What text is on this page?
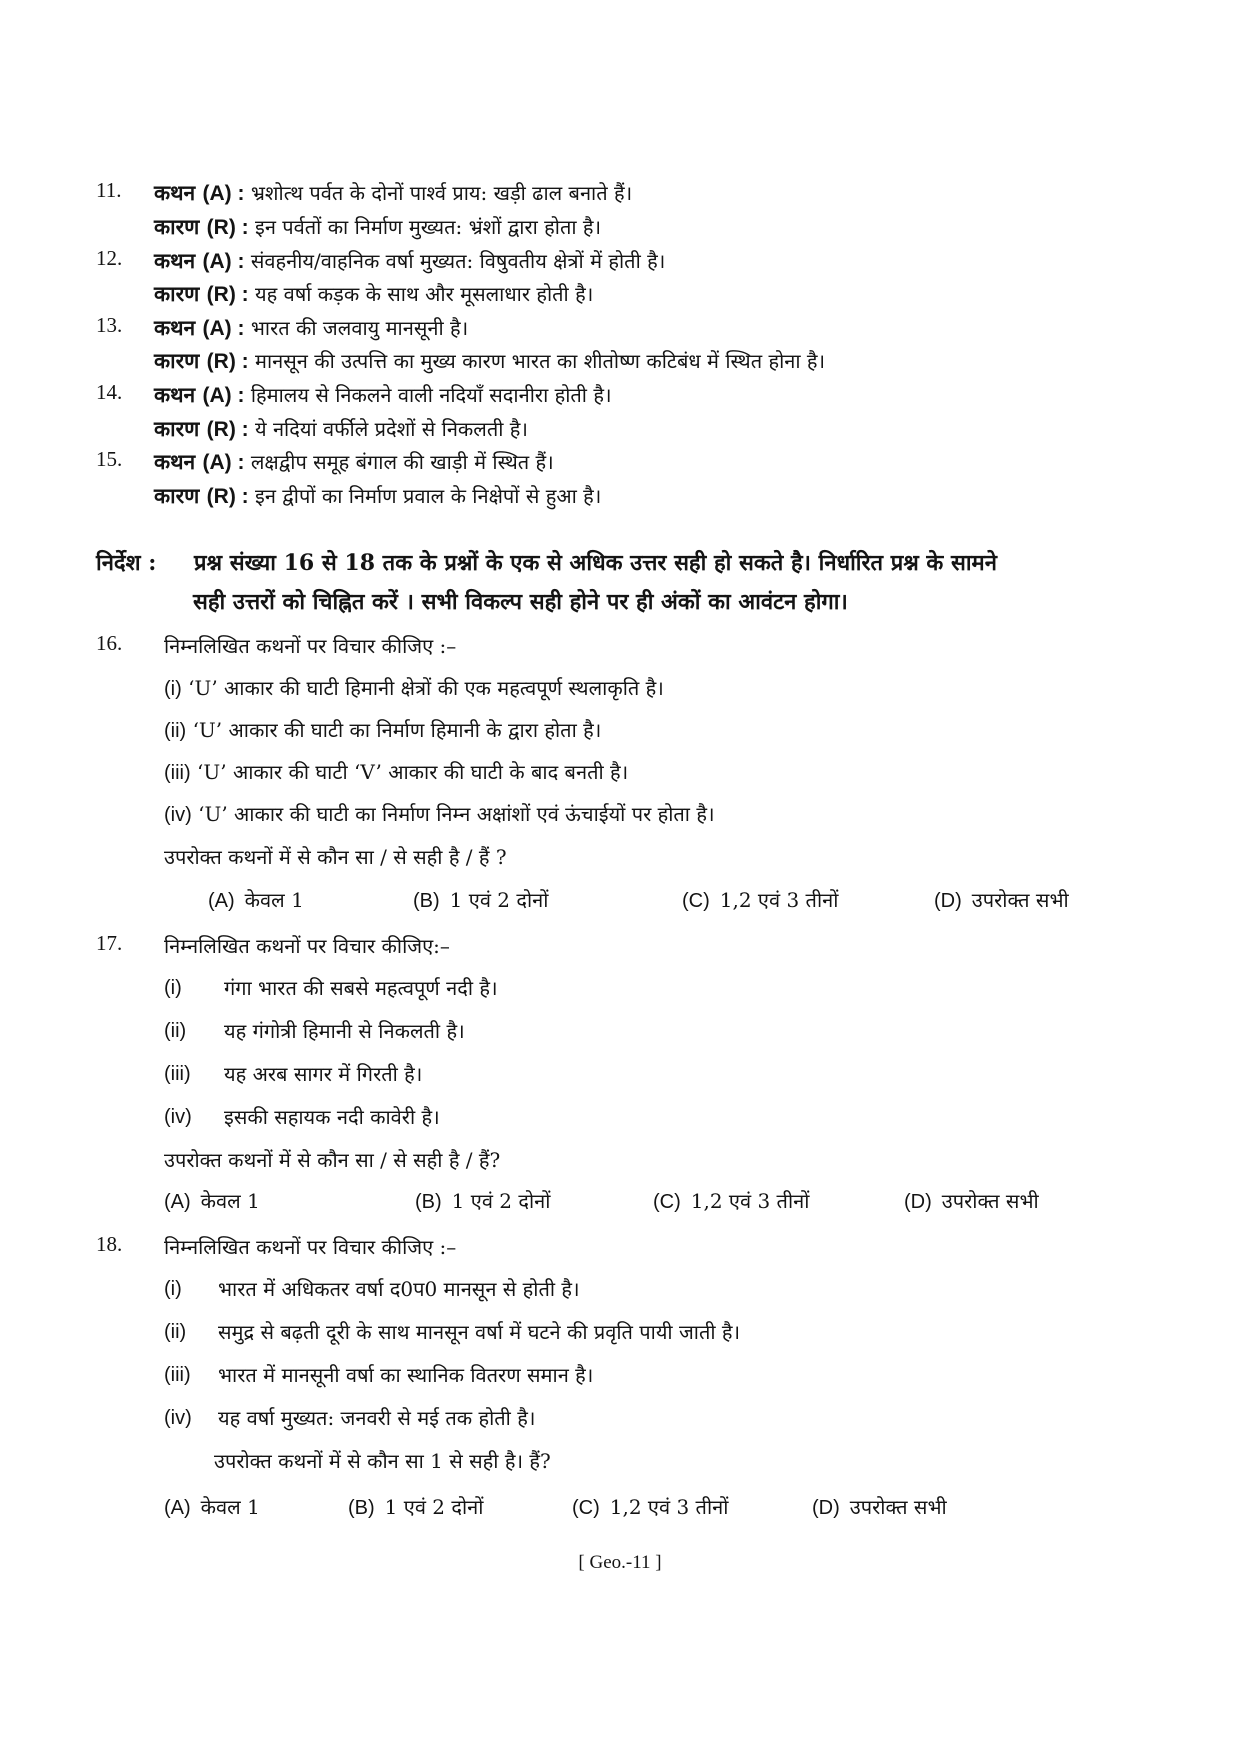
11.	कथन (A) : भ्रशोत्थ पर्वत के दोनों पार्श्व प्राय: खड़ी ढाल बनाते हैं।
कारण (R) : इन पर्वतों का निर्माण मुख्यत: भ्रंशों द्वारा होता है।
12.	कथन (A) : संवहनीय/वाहनिक वर्षा मुख्यत: विषुवतीय क्षेत्रों में होती है।
कारण (R) : यह वर्षा कड़क के साथ और मूसलाधार होती है।
13.	कथन (A) : भारत की जलवायु मानसूनी है।
कारण (R) : मानसून की उत्पत्ति का मुख्य कारण भारत का शीतोष्ण कटिबंध में स्थित होना है।
14.	कथन (A) : हिमालय से निकलने वाली नदियाँ सदानीरा होती है।
कारण (R) : ये नदियां वर्फीले प्रदेशों से निकलती है।
15.	कथन (A) : लक्षद्वीप समूह बंगाल की खाड़ी में स्थित हैं।
कारण (R) : इन द्वीपों का निर्माण प्रवाल के निक्षेपों से हुआ है।
निर्देश : प्रश्न संख्या 16 से 18 तक के प्रश्नों के एक से अधिक उत्तर सही हो सकते है। निर्धारित प्रश्न के सामने
सही उत्तरों को चिह्नित करें । सभी विकल्प सही होने पर ही अंकों का आवंटन होगा।
16.	निम्नलिखित कथनों पर विचार कीजिए :–
(i) ‘U’ आकार की घाटी हिमानी क्षेत्रों की एक महत्वपूर्ण स्थलाकृति है।
(ii) ‘U’ आकार की घाटी का निर्माण हिमानी के द्वारा होता है।
(iii) ‘U’ आकार की घाटी ‘V’ आकार की घाटी के बाद बनती है।
(iv) ‘U’ आकार की घाटी का निर्माण निम्न अक्षांशों एवं ऊंचाईयों पर होता है।
उपरोक्त कथनों में से कौन सा / से सही है / हैं ?
(A) केवल 1	(B) 1 एवं 2 दोनों	(C) 1,2 एवं 3 तीनों	(D) उपरोक्त सभी
17.	निम्नलिखित कथनों पर विचार कीजिए:–
(i) गंगा भारत की सबसे महत्वपूर्ण नदी है।
(ii) यह गंगोत्री हिमानी से निकलती है।
(iii) यह अरब सागर में गिरती है।
(iv) इसकी सहायक नदी कावेरी है।
उपरोक्त कथनों में से कौन सा / से सही है / हैं?
(A) केवल 1	(B) 1 एवं 2 दोनों	(C) 1,2 एवं 3 तीनों	(D) उपरोक्त सभी
18.	निम्नलिखित कथनों पर विचार कीजिए :–
(i) भारत में अधिकतर वर्षा द0प0 मानसून से होती है।
(ii) समुद्र से बढ़ती दूरी के साथ मानसून वर्षा में घटने की प्रवृति पायी जाती है।
(iii) भारत में मानसूनी वर्षा का स्थानिक वितरण समान है।
(iv) यह वर्षा मुख्यत: जनवरी से मई तक होती है।
उपरोक्त कथनों में से कौन सा 1 से सही है। हैं?
(A) केवल 1	(B) 1 एवं 2 दोनों	(C) 1,2 एवं 3 तीनों	(D) उपरोक्त सभी
[ Geo.-11 ]
